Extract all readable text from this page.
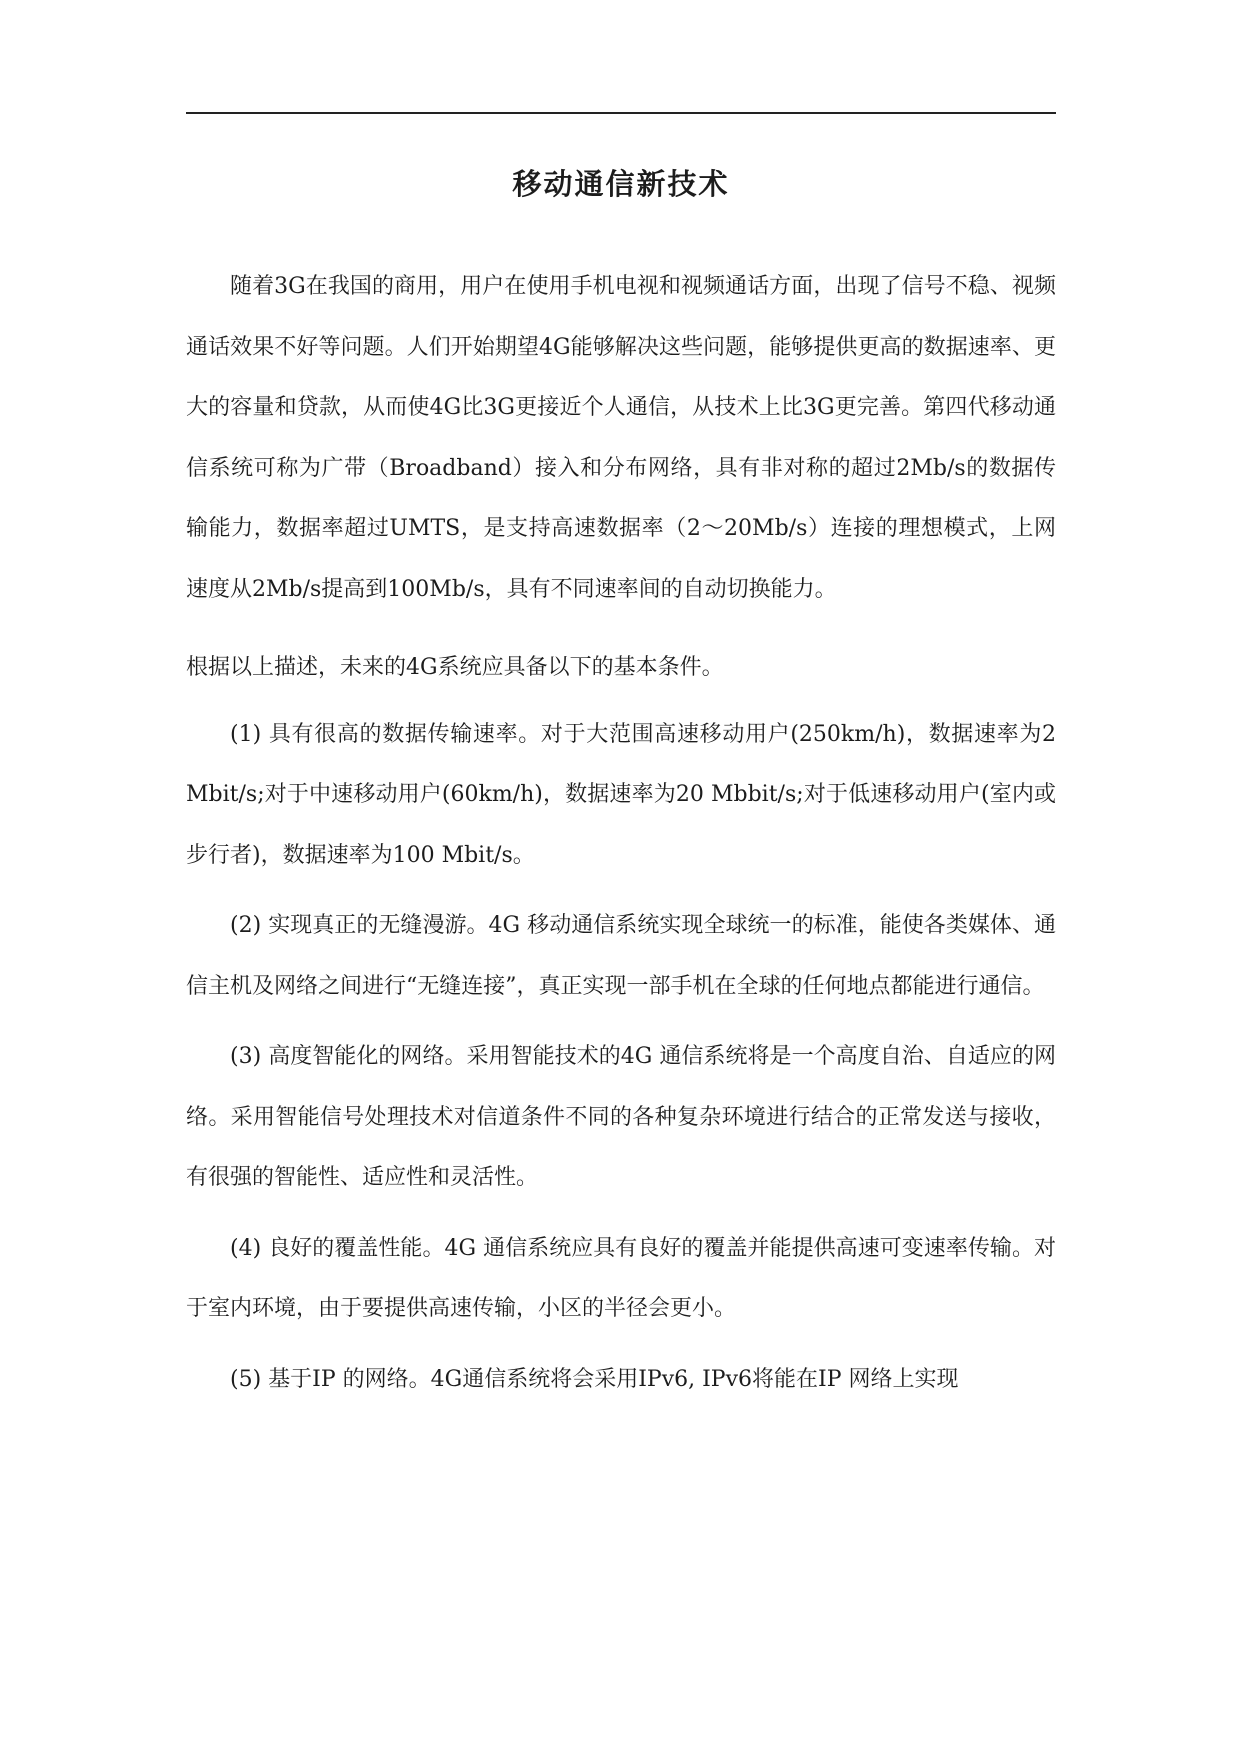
移动通信新技术

随着3G在我国的商用，用户在使用手机电视和视频通话方面，出现了信号不稳、视频通话效果不好等问题。人们开始期望4G能够解决这些问题，能够提供更高的数据速率、更大的容量和贷款，从而使4G比3G更接近个人通信，从技术上比3G更完善。第四代移动通信系统可称为广带（Broadband）接入和分布网络，具有非对称的超过2Mb/s的数据传输能力，数据率超过UMTS，是支持高速数据率（2～20Mb/s）连接的理想模式，上网速度从2Mb/s提高到100Mb/s，具有不同速率间的自动切换能力。

根据以上描述，未来的4G系统应具备以下的基本条件。

(1) 具有很高的数据传输速率。对于大范围高速移动用户(250km/h)，数据速率为2 Mbit/s;对于中速移动用户(60km/h)，数据速率为20 Mbbit/s;对于低速移动用户(室内或步行者)，数据速率为100 Mbit/s。

(2) 实现真正的无缝漫游。4G 移动通信系统实现全球统一的标准，能使各类媒体、通信主机及网络之间进行“无缝连接”，真正实现一部手机在全球的任何地点都能进行通信。

(3) 高度智能化的网络。采用智能技术的4G 通信系统将是一个高度自治、自适应的网络。采用智能信号处理技术对信道条件不同的各种复杂环境进行结合的正常发送与接收，有很强的智能性、适应性和灵活性。

(4) 良好的覆盖性能。4G 通信系统应具有良好的覆盖并能提供高速可变速率传输。对于室内环境，由于要提供高速传输，小区的半径会更小。

(5) 基于IP 的网络。4G通信系统将会采用IPv6, IPv6将能在IP 网络上实现
